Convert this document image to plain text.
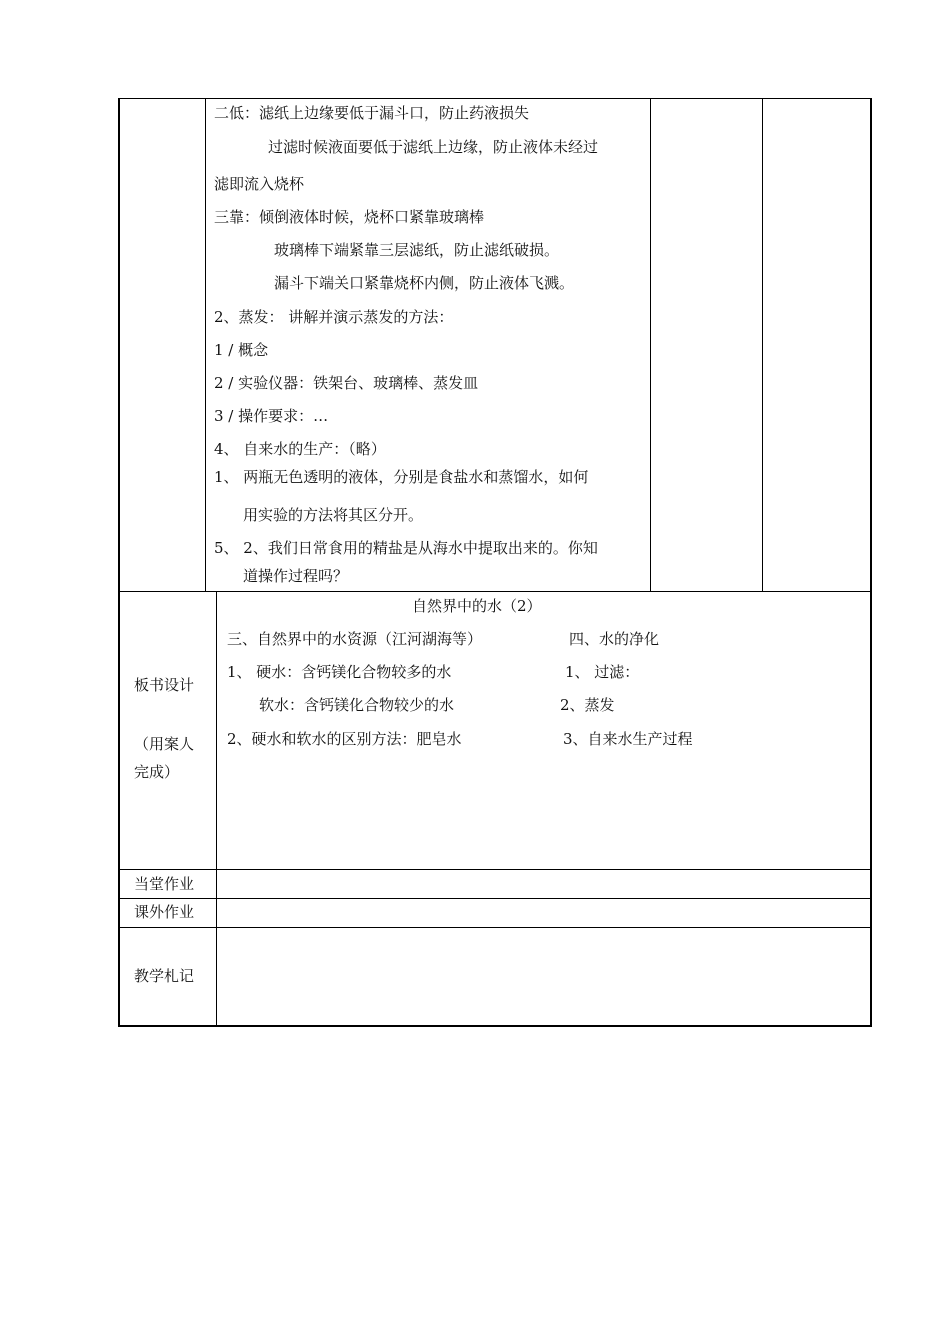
二低：滤纸上边缘要低于漏斗口，防止药液损失
过滤时候液面要低于滤纸上边缘，防止液体未经过
滤即流入烧杯
三靠：倾倒液体时候，烧杯口紧靠玻璃棒
玻璃棒下端紧靠三层滤纸，防止滤纸破损。
漏斗下端关口紧靠烧杯内侧，防止液体飞溅。
2、蒸发： 讲解并演示蒸发的方法：
1 / 概念
2 / 实验仪器：铁架台、玻璃棒、蒸发皿
3 / 操作要求：…
4、 自来水的生产：（略）
1、 两瓶无色透明的液体，分别是食盐水和蒸馏水，如何
用实验的方法将其区分开。
5、 2、我们日常食用的精盐是从海水中提取出来的。你知
道操作过程吗？
板书设计
（用案人完成）
自然界中的水（2）
三、自然界中的水资源（江河湖海等）
1、 硬水：含钙镁化合物较多的水
软水：含钙镁化合物较少的水
2、硬水和软水的区别方法：肥皂水
四、水的净化
1、 过滤：
2、蒸发
3、自来水生产过程
当堂作业
课外作业
教学札记
